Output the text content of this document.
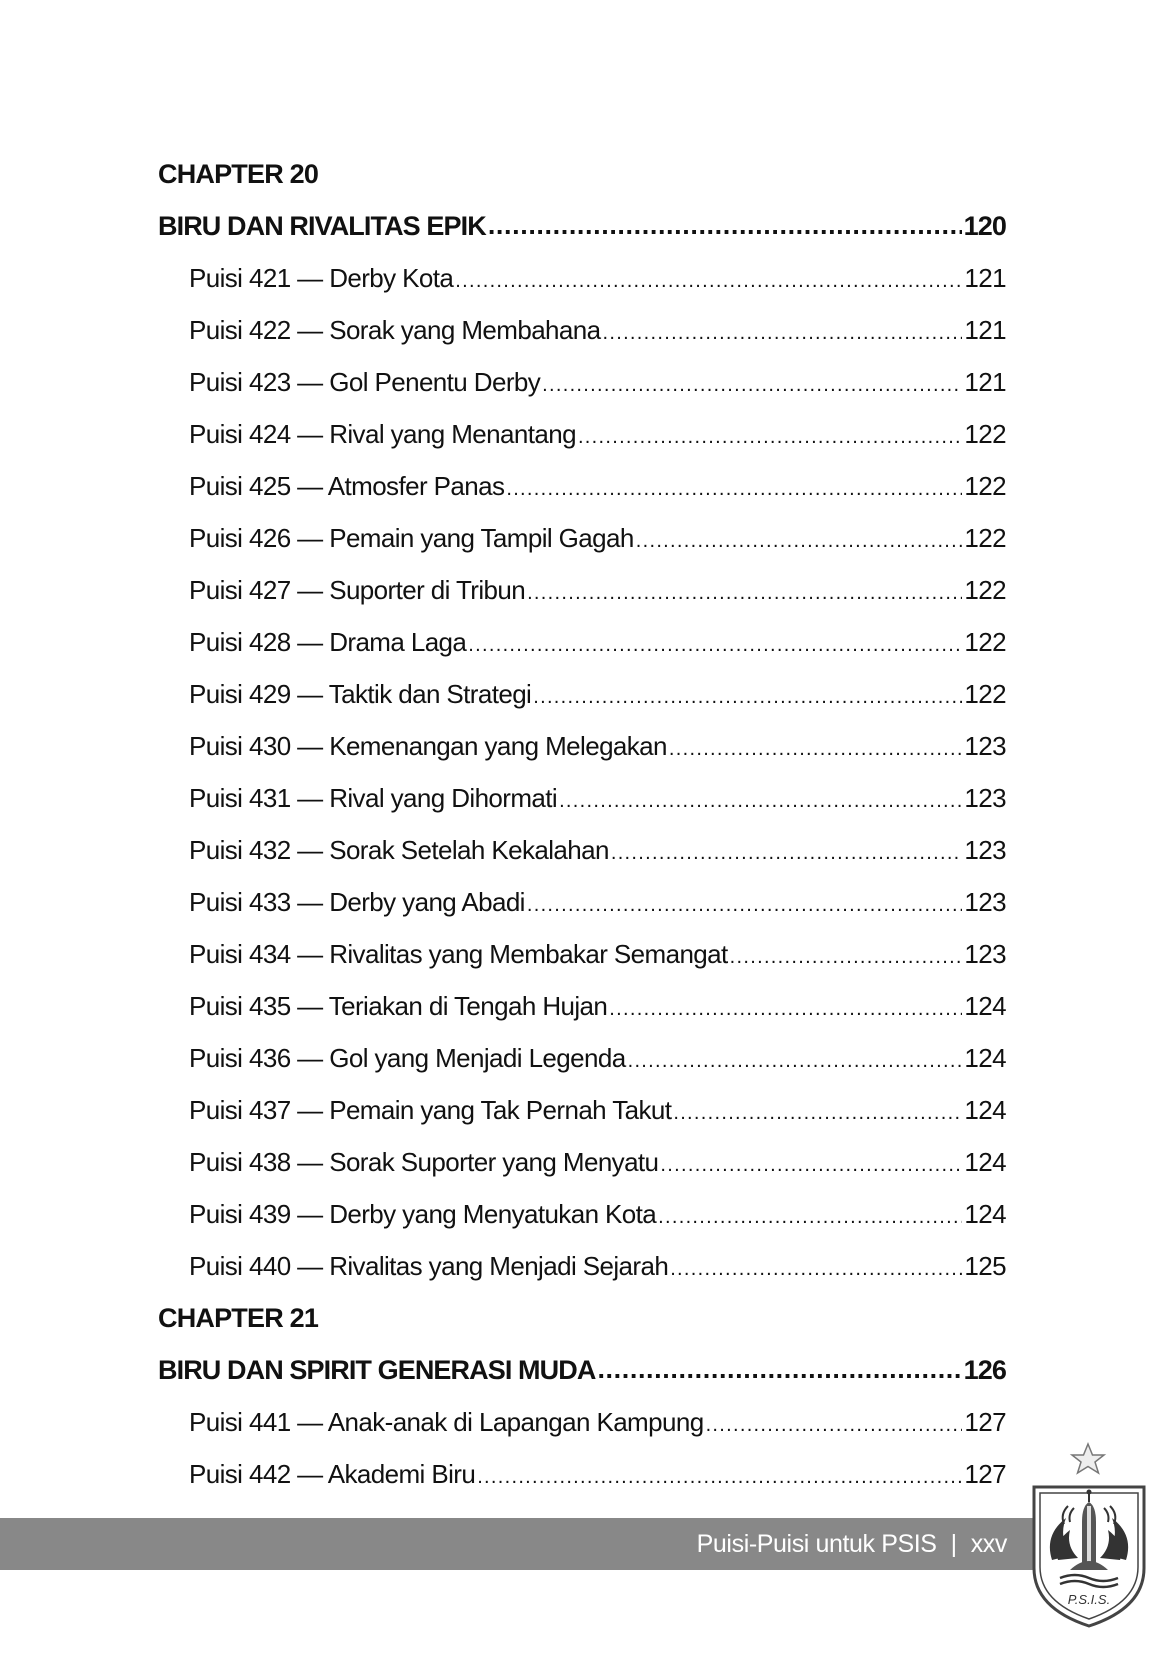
CHAPTER 20
BIRU DAN RIVALITAS EPIK .....	120
Puisi 421 — Derby Kota .....	121
Puisi 422 — Sorak yang Membahana .....	121
Puisi 423 — Gol Penentu Derby .....	121
Puisi 424 — Rival yang Menantang .....	122
Puisi 425 — Atmosfer Panas .....	122
Puisi 426 — Pemain yang Tampil Gagah .....	122
Puisi 427 — Suporter di Tribun .....	122
Puisi 428 — Drama Laga .....	122
Puisi 429 — Taktik dan Strategi .....	122
Puisi 430 — Kemenangan yang Melegakan .....	123
Puisi 431 — Rival yang Dihormati .....	123
Puisi 432 — Sorak Setelah Kekalahan .....	123
Puisi 433 — Derby yang Abadi .....	123
Puisi 434 — Rivalitas yang Membakar Semangat .....	123
Puisi 435 — Teriakan di Tengah Hujan .....	124
Puisi 436 — Gol yang Menjadi Legenda .....	124
Puisi 437 — Pemain yang Tak Pernah Takut .....	124
Puisi 438 — Sorak Suporter yang Menyatu .....	124
Puisi 439 — Derby yang Menyatukan Kota .....	124
Puisi 440 — Rivalitas yang Menjadi Sejarah .....	125
CHAPTER 21
BIRU DAN SPIRIT GENERASI MUDA .....	126
Puisi 441 — Anak-anak di Lapangan Kampung .....	127
Puisi 442 — Akademi Biru .....	127
Puisi-Puisi untuk PSIS | xxv
P.S.I.S.
